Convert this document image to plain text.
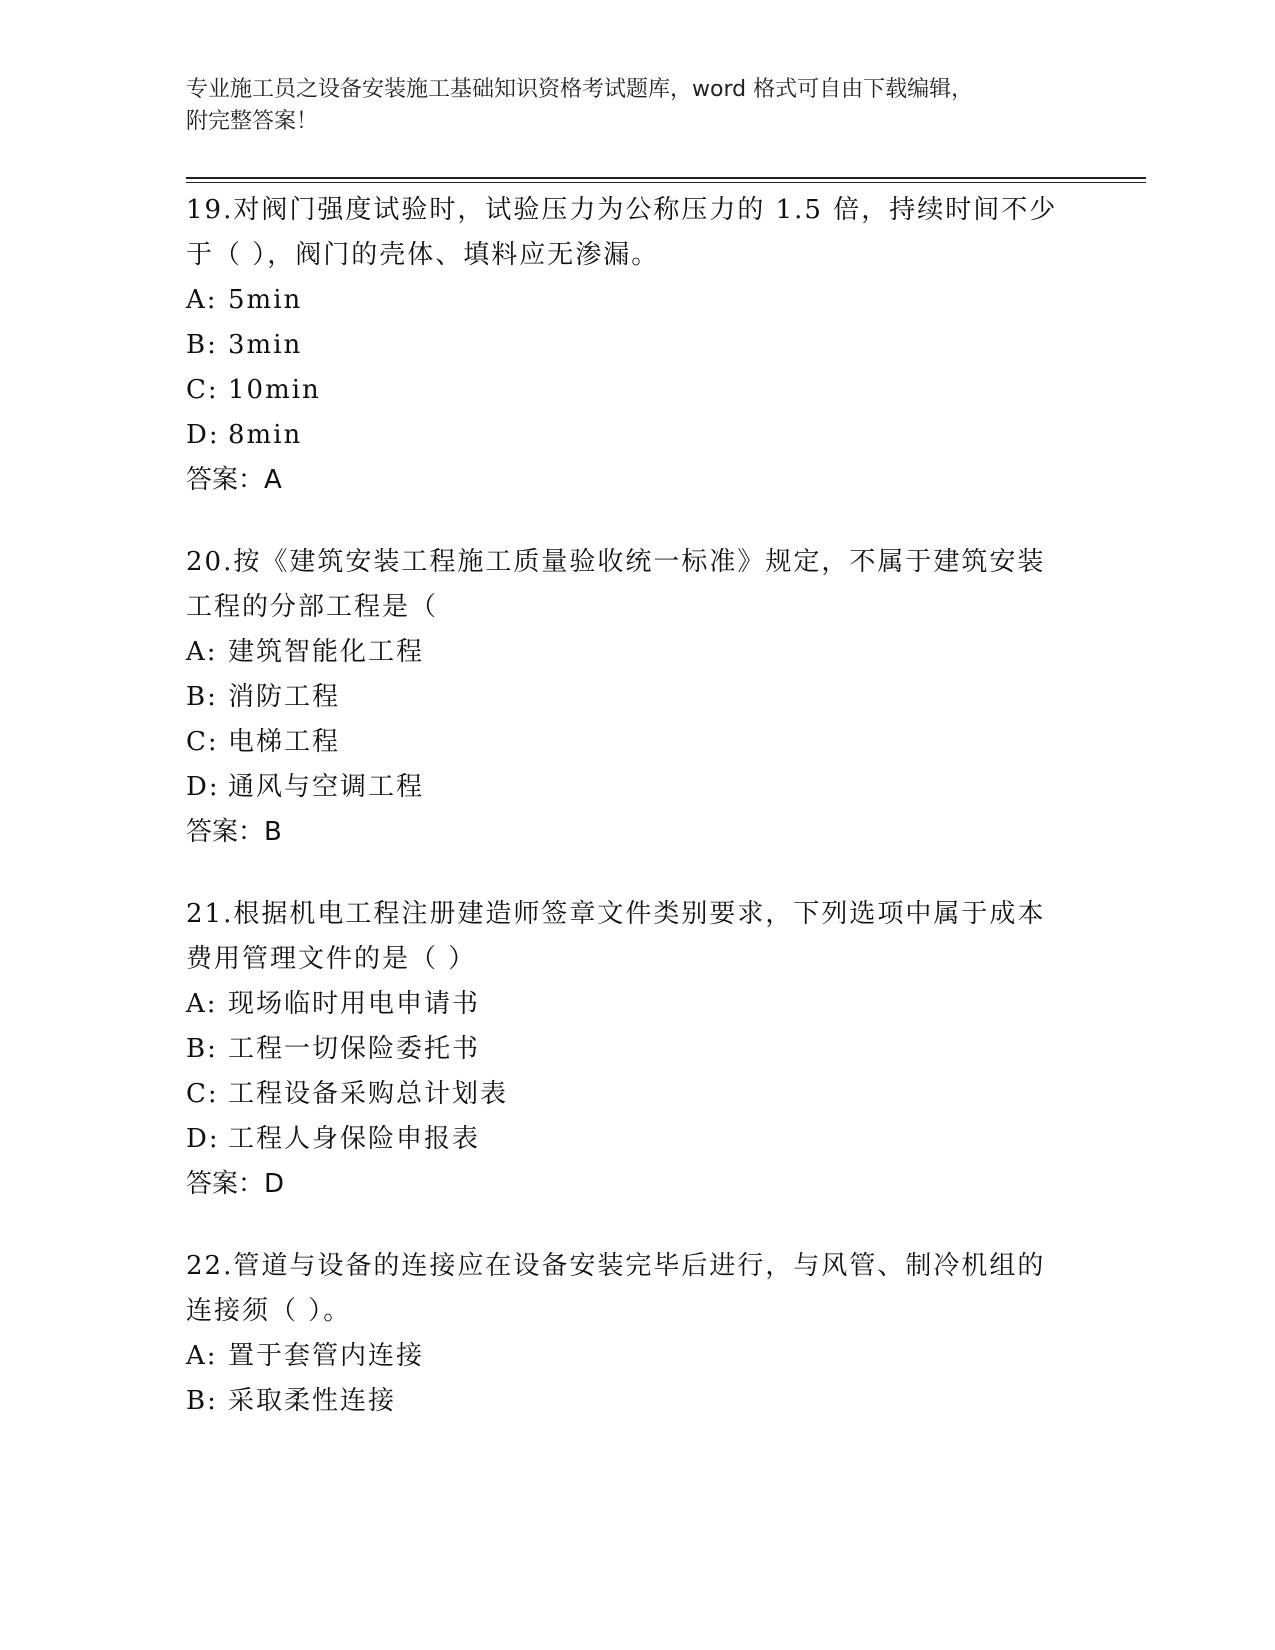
专业施工员之设备安装施工基础知识资格考试题库，word 格式可自由下载编辑，
附完整答案！
19.对阀门强度试验时，试验压力为公称压力的 1.5 倍，持续时间不少
于（ ），阀门的壳体、填料应无渗漏。
A: 5min
B: 3min
C: 10min
D: 8min
答案：A
20.按《建筑安装工程施工质量验收统一标准》规定，不属于建筑安装
工程的分部工程是（
A: 建筑智能化工程
B: 消防工程
C: 电梯工程
D: 通风与空调工程
答案：B
21.根据机电工程注册建造师签章文件类别要求，下列选项中属于成本
费用管理文件的是（ ）
A: 现场临时用电申请书
B: 工程一切保险委托书
C: 工程设备采购总计划表
D: 工程人身保险申报表
答案：D
22.管道与设备的连接应在设备安装完毕后进行，与风管、制冷机组的
连接须（ ）。
A: 置于套管内连接
B: 采取柔性连接
